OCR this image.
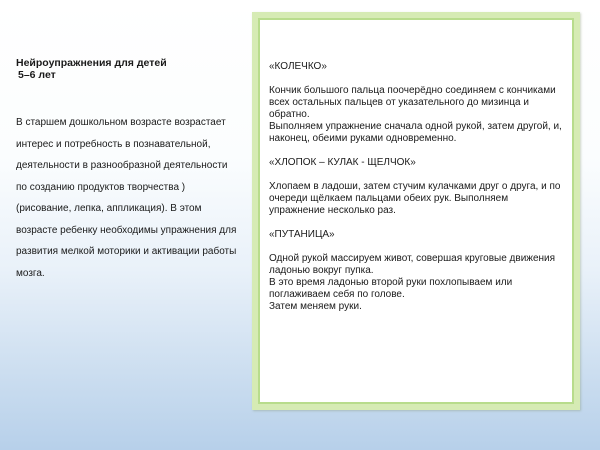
Нейроупражнения для детей
5–6 лет
В старшем дошкольном возрасте возрастает интерес и потребность в познавательной, деятельности в разнообразной деятельности по созданию продуктов творчества ) (рисование, лепка, аппликация). В этом возрасте ребенку необходимы упражнения для развития мелкой моторики и активации работы мозга.

«КОЛЕЧКО»

Кончик большого пальца поочерёдно соединяем с кончиками всех остальных пальцев от указательного до мизинца и обратно.
Выполняем упражнение сначала одной рукой, затем другой, и, наконец, обеими руками одновременно.

«ХЛОПОК – КУЛАК - ЩЕЛЧОК»

Хлопаем в ладоши, затем стучим кулачками друг о друга, и по очереди щёлкаем пальцами обеих рук. Выполняем упражнение несколько раз.

«ПУТАНИЦА»

Одной рукой массируем живот, совершая круговые движения ладонью вокруг пупка.
В это время ладонью второй руки похлопываем или поглаживаем себя по голове.
Затем меняем руки.
